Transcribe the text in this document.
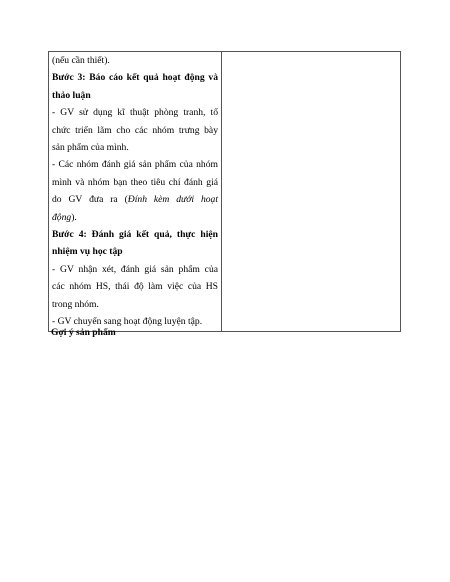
(nếu cần thiết).
Bước 3: Báo cáo kết quả hoạt động và
thảo luận
- GV sử dụng kĩ thuật phòng tranh, tổ
chức triển lãm cho các nhóm trưng bày
sản phẩm của mình.
- Các nhóm đánh giá sản phẩm của nhóm
mình và nhóm bạn theo tiêu chí đánh giá
do GV đưa ra (Đính kèm dưới hoạt
động).
Bước 4: Đánh giá kết quả, thực hiện
nhiệm vụ học tập
- GV nhận xét, đánh giá sản phẩm của
các nhóm HS, thái độ làm việc của HS
trong nhóm.
- GV chuyển sang hoạt động luyện tập.

Gợi ý sản phẩm
